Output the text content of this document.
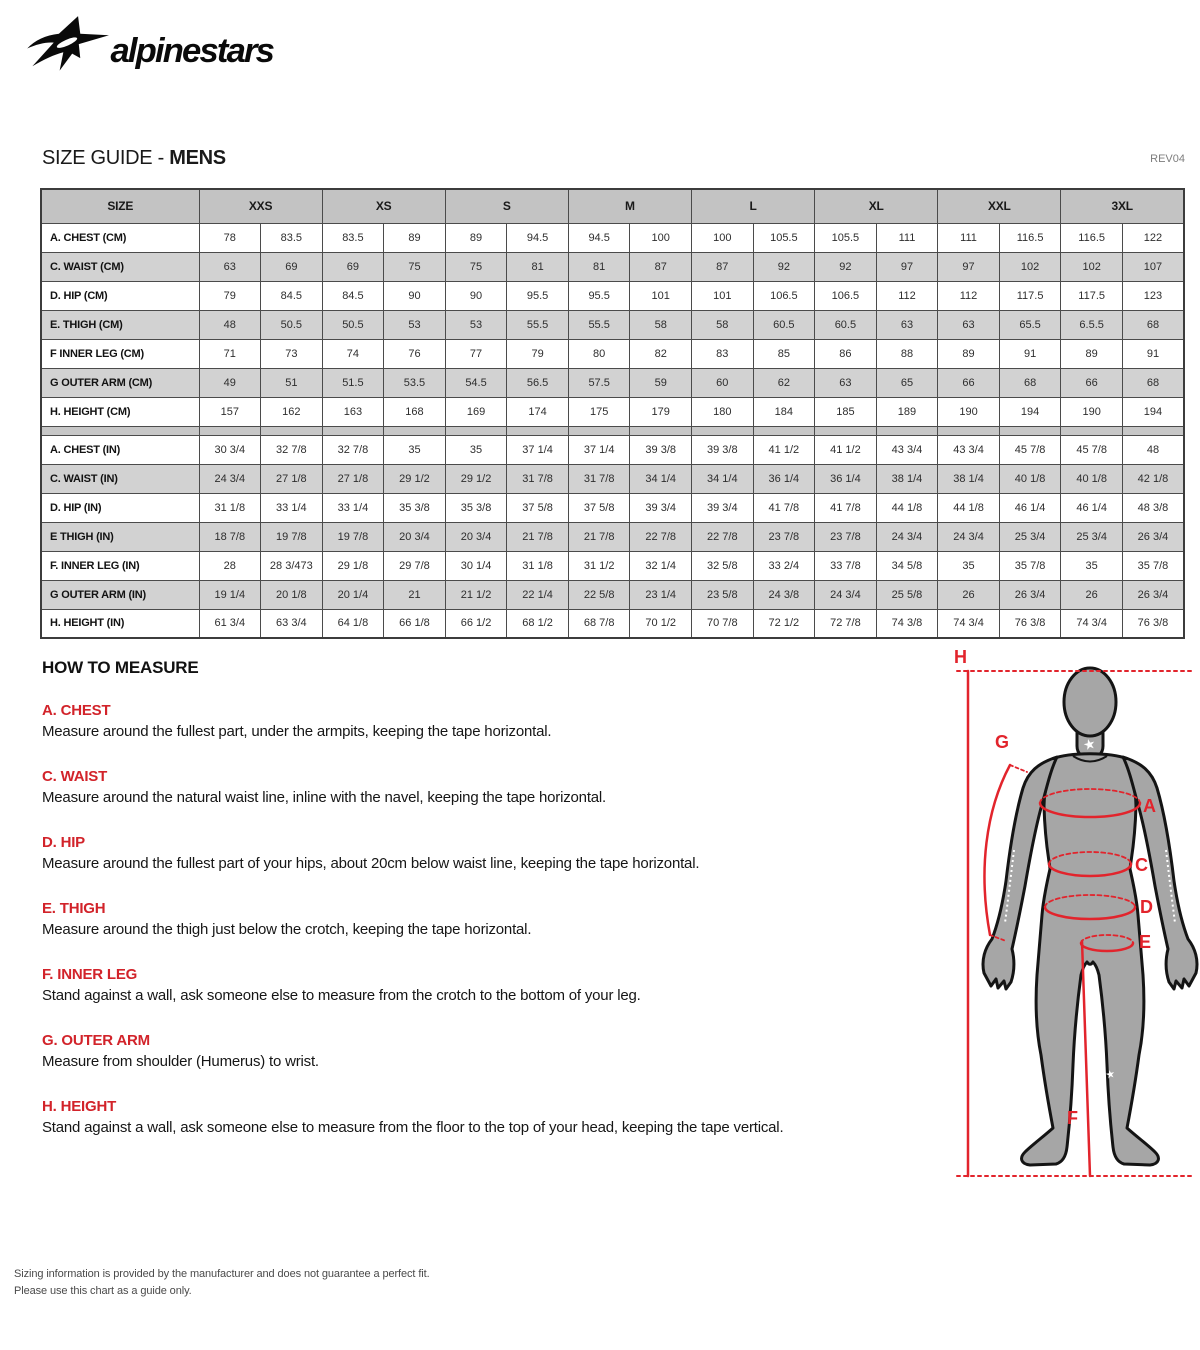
alpinestars
SIZE GUIDE - MENS	REV04
SIZE	XXS		XS		S		M		L		XL		XXL		3XL	
A. CHEST (CM)	78	83.5	83.5	89	89	94.5	94.5	100	100	105.5	105.5	111	111	116.5	116.5	122
C. WAIST (CM)	63	69	69	75	75	81	81	87	87	92	92	97	97	102	102	107
D. HIP (CM)	79	84.5	84.5	90	90	95.5	95.5	101	101	106.5	106.5	112	112	117.5	117.5	123
E. THIGH (CM)	48	50.5	50.5	53	53	55.5	55.5	58	58	60.5	60.5	63	63	65.5	6.5.5	68
F INNER LEG (CM)	71	73	74	76	77	79	80	82	83	85	86	88	89	91	89	91
G OUTER ARM (CM)	49	51	51.5	53.5	54.5	56.5	57.5	59	60	62	63	65	66	68	66	68
H. HEIGHT (CM)	157	162	163	168	169	174	175	179	180	184	185	189	190	194	190	194

A. CHEST (IN)	30 3/4	32 7/8	32 7/8	35	35	37 1/4	37 1/4	39 3/8	39 3/8	41 1/2	41 1/2	43 3/4	43 3/4	45 7/8	45 7/8	48
C. WAIST (IN)	24 3/4	27 1/8	27 1/8	29 1/2	29 1/2	31 7/8	31 7/8	34 1/4	34 1/4	36 1/4	36 1/4	38 1/4	38 1/4	40 1/8	40 1/8	42 1/8
D. HIP (IN)	31 1/8	33 1/4	33 1/4	35 3/8	35 3/8	37 5/8	37 5/8	39 3/4	39 3/4	41 7/8	41 7/8	44 1/8	44 1/8	46 1/4	46 1/4	48 3/8
E THIGH (IN)	18 7/8	19 7/8	19 7/8	20 3/4	20 3/4	21 7/8	21 7/8	22 7/8	22 7/8	23 7/8	23 7/8	24 3/4	24 3/4	25 3/4	25 3/4	26 3/4
F. INNER LEG (IN)	28	28 3/473	29 1/8	29 7/8	30 1/4	31 1/8	31 1/2	32 1/4	32 5/8	33 2/4	33 7/8	34 5/8	35	35 7/8	35	35 7/8
G OUTER ARM (IN)	19 1/4	20 1/8	20 1/4	21	21 1/2	22 1/4	22 5/8	23 1/4	23 5/8	24 3/8	24 3/4	25 5/8	26	26 3/4	26	26 3/4
H. HEIGHT (IN)	61 3/4	63 3/4	64 1/8	66 1/8	66 1/2	68 1/2	68 7/8	70 1/2	70 7/8	72 1/2	72 7/8	74 3/8	74 3/4	76 3/8	74 3/4	76 3/8
HOW TO MEASURE
A. CHEST
Measure around the fullest part, under the armpits, keeping the tape horizontal.
C. WAIST
Measure around the natural waist line, inline with the navel, keeping the tape horizontal.
D. HIP
Measure around the fullest part of your hips, about 20cm below waist line, keeping the tape horizontal.
E. THIGH
Measure around the thigh just below the crotch, keeping the tape horizontal.
F. INNER LEG
Stand against a wall, ask someone else to measure from the crotch to the bottom of your leg.
G. OUTER ARM
Measure from shoulder (Humerus) to wrist.
H. HEIGHT
Stand against a wall, ask someone else to measure from the floor to the top of your head, keeping the tape vertical.
★
★
H
G
A
C
D
E
F
Sizing information is provided by the manufacturer and does not guarantee a perfect fit.
Please use this chart as a guide only.
